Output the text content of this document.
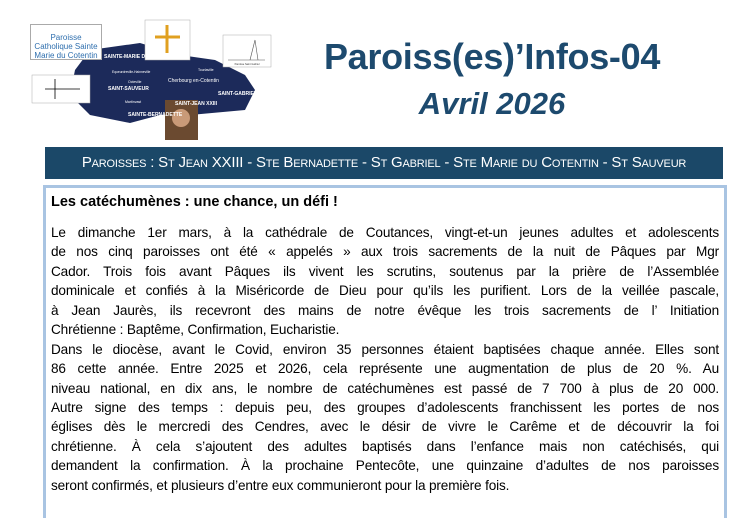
Paroisse Saint Gabriel
SAINTE-MARIE DU-COTENTIN
SAINT-SAUVEUR
SAINTE-BERNADETTE
SAINT-JEAN XXIII
SAINT-GABRIEL
Cherbourg en-Cotentin
Tourlaville
Martinvast
Octeville
Equeurdreville-Hainneville
Paroisse Catholique Sainte Marie du Cotentin	Paroiss(es)’Infos-04
Avril 2026
Paroisses : St Jean XXIII - Ste Bernadette - St Gabriel - Ste Marie du Cotentin - St Sauveur
Les catéchumènes : une chance, un défi !
Le dimanche 1er mars, à la cathédrale de Coutances, vingt-et-un jeunes adultes et adolescents
de nos cinq paroisses ont été « appelés » aux trois sacrements de la nuit de Pâques par Mgr
Cador. Trois fois avant Pâques ils vivent les scrutins, soutenus par la prière de l’Assemblée
dominicale et confiés à la Miséricorde de Dieu pour qu’ils les purifient. Lors de la veillée pascale,
à Jean Jaurès, ils recevront des mains de notre évêque les trois sacrements de l’ Initiation
Chrétienne : Baptême, Confirmation, Eucharistie.
Dans le diocèse, avant le Covid, environ 35 personnes étaient baptisées chaque année. Elles sont
86 cette année. Entre 2025 et 2026, cela représente une augmentation de plus de 20 %. Au
niveau national, en dix ans, le nombre de catéchumènes est passé de 7 700 à plus de 20 000.
Autre signe des temps : depuis peu, des groupes d’adolescents franchissent les portes de nos
églises dès le mercredi des Cendres, avec le désir de vivre le Carême et de découvrir la foi
chrétienne. À cela s’ajoutent des adultes baptisés dans l’enfance mais non catéchisés, qui
demandent la confirmation. À la prochaine Pentecôte, une quinzaine d’adultes de nos paroisses
seront confirmés, et plusieurs d’entre eux communieront pour la première fois.
